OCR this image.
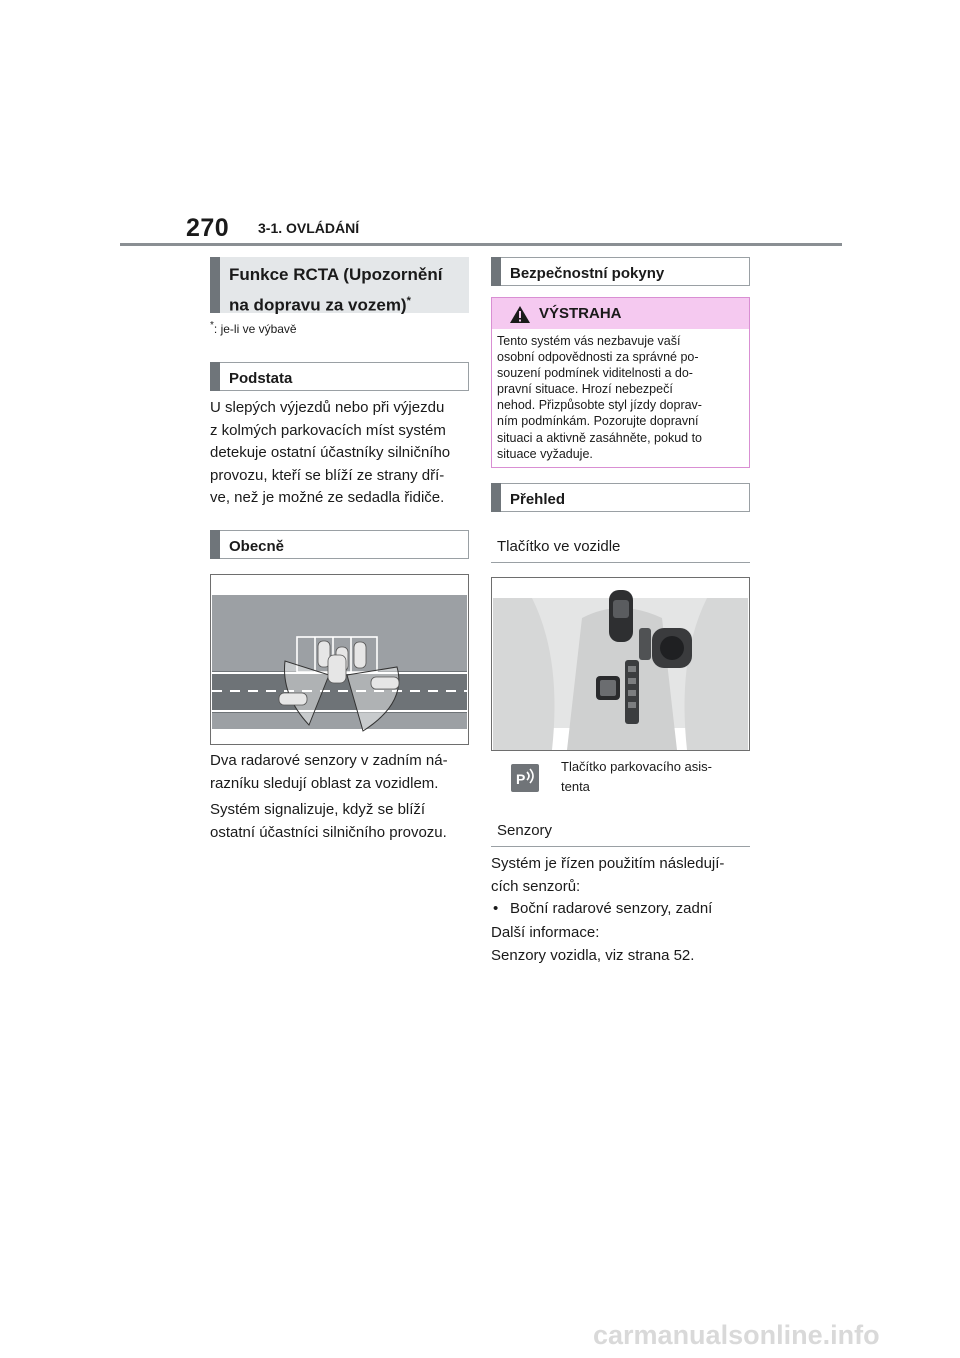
270 3-1. OVLÁDÁNÍ
Funkce RCTA (Upozornění
na dopravu za vozem)*
*: je-li ve výbavě
Podstata
U slepých výjezdů nebo při výjezdu
z kolmých parkovacích míst systém
detekuje ostatní účastníky silničního
provozu, kteří se blíží ze strany dří-
ve, než je možné ze sedadla řidiče.
Obecně
Dva radarové senzory v zadním ná-
razníku sledují oblast za vozidlem.
Systém signalizuje, když se blíží
ostatní účastníci silničního provozu.
Bezpečnostní pokyny
VÝSTRAHA
Tento systém vás nezbavuje vaší
osobní odpovědnosti za správné po-
souzení podmínek viditelnosti a do-
pravní situace. Hrozí nebezpečí
nehod. Přizpůsobte styl jízdy doprav-
ním podmínkám. Pozorujte dopravní
situaci a aktivně zasáhněte, pokud to
situace vyžaduje.
Přehled
Tlačítko ve vozidle
P
Tlačítko parkovacího asis-
tenta
Senzory
Systém je řízen použitím následují-
cích senzorů:
• Boční radarové senzory, zadní
Další informace:
Senzory vozidla, viz strana 52.
carmanualsonline.info
